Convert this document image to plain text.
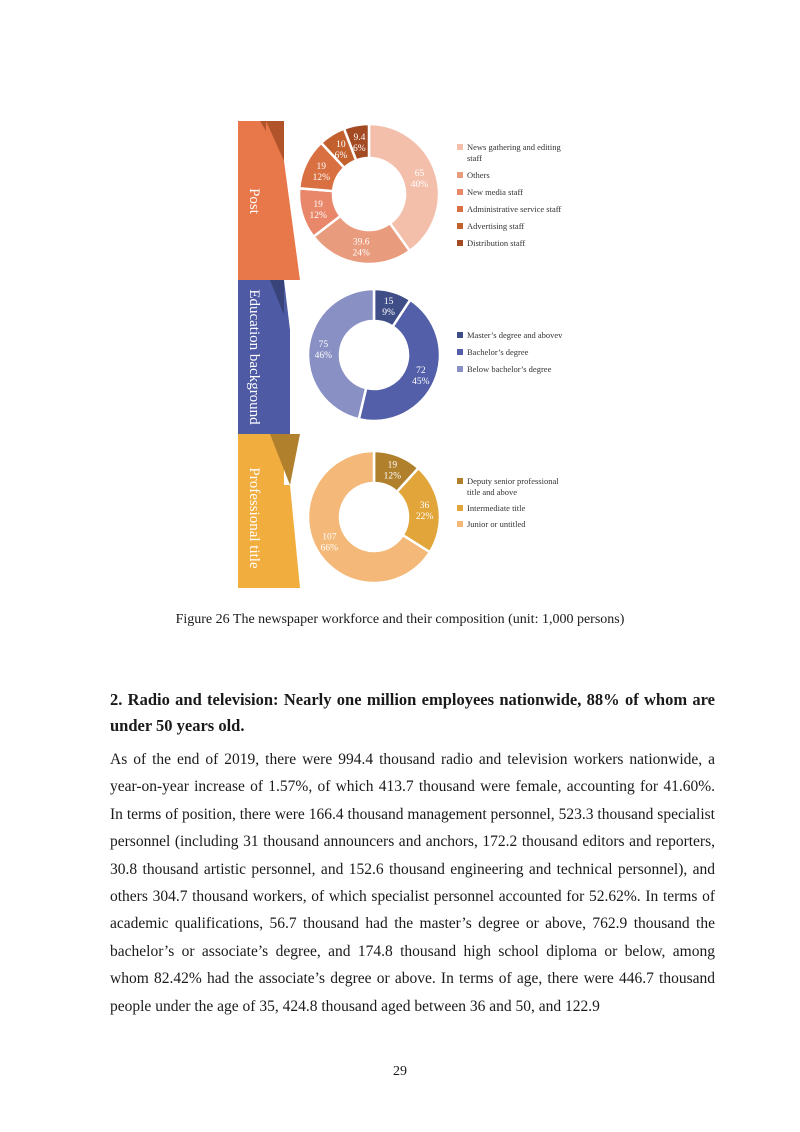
Post
Education background
Professional title
65
40%
39.6
24%
19
12%
19
12%
10
6%
9.4
6%	News gathering and editing
staff
Others
New media staff
Administrative service staff
Advertising staff
Distribution staff
15
9%
72
45%
75
46%
Master’s degree and abovev
Bachelor’s degree
Below bachelor’s degree
19
12%
36
22%
107
66%
Deputy senior professional
title and above
Intermediate title
Junior or untitled
Figure 26 The newspaper workforce and their composition (unit: 1,000 persons)
2. Radio and television: Nearly one million employees nationwide, 88% of whom are under 50 years old.

As of the end of 2019, there were 994.4 thousand radio and television workers nationwide, a year-on-year increase of 1.57%, of which 413.7 thousand were female, accounting for 41.60%. In terms of position, there were 166.4 thousand management personnel, 523.3 thousand specialist personnel (including 31 thousand announcers and anchors, 172.2 thousand editors and reporters, 30.8 thousand artistic personnel, and 152.6 thousand engineering and technical personnel), and others 304.7 thousand workers, of which specialist personnel accounted for 52.62%. In terms of academic qualifications, 56.7 thousand had the master’s degree or above, 762.9 thousand the bachelor’s or associate’s degree, and 174.8 thousand high school diploma or below, among whom 82.42% had the associate’s degree or above. In terms of age, there were 446.7 thousand people under the age of 35, 424.8 thousand aged between 36 and 50, and 122.9

29
